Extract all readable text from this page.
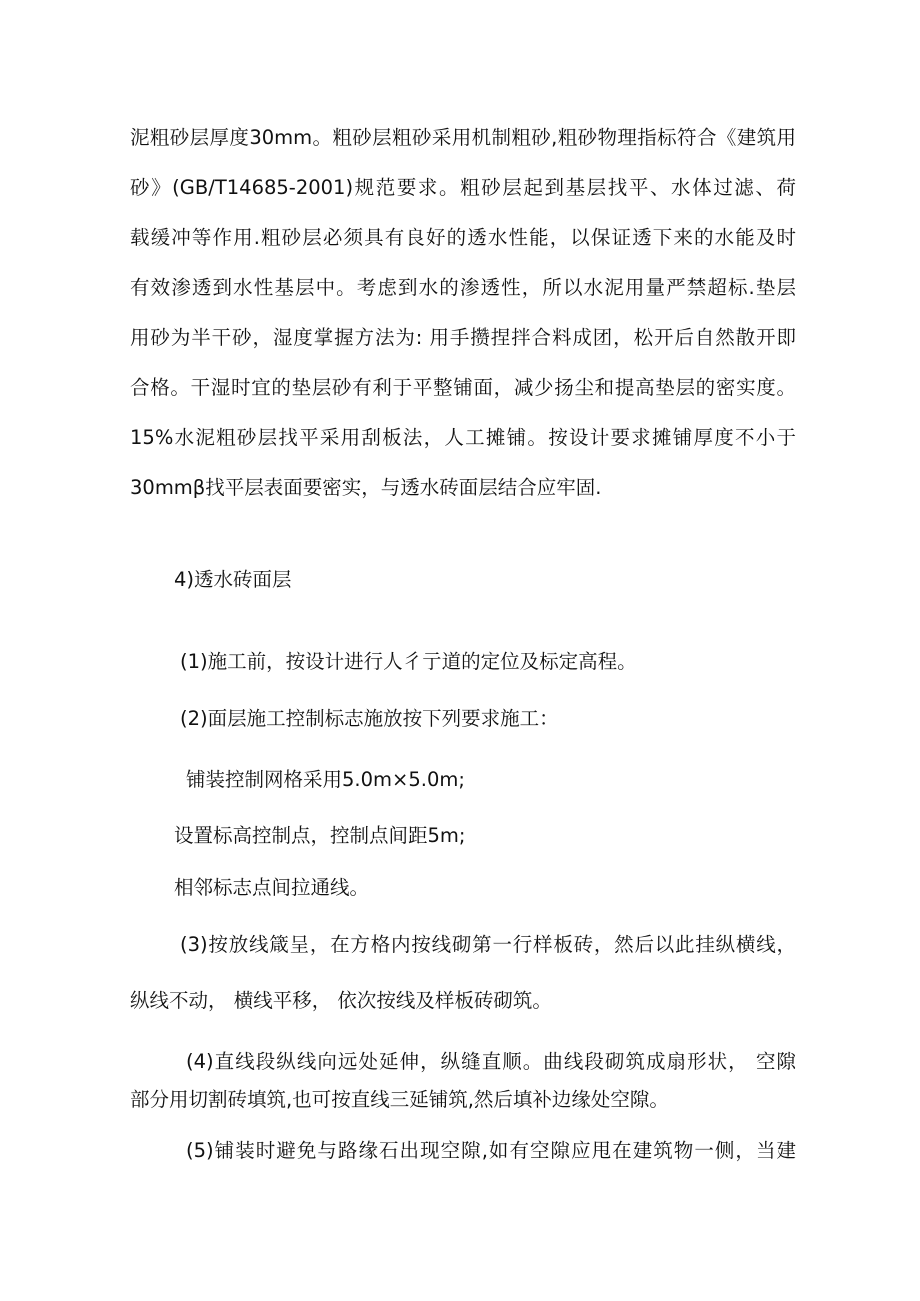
泥粗砂层厚度30mm。粗砂层粗砂采用机制粗砂,粗砂物理指标符合《建筑用
砂》(GB/T14685-2001)规范要求。粗砂层起到基层找平、水体过滤、荷
载缓冲等作用.粗砂层必须具有良好的透水性能，以保证透下来的水能及时
有效渗透到水性基层中。考虑到水的渗透性，所以水泥用量严禁超标.垫层
用砂为半干砂，湿度掌握方法为: 用手攒捏拌合料成团，松开后自然散开即
合格。干湿时宜的垫层砂有利于平整铺面，减少扬尘和提高垫层的密实度。
15%水泥粗砂层找平采用刮板法，人工摊铺。按设计要求摊铺厚度不小于
30mmβ找平层表面要密实，与透水砖面层结合应牢固.
4)透水砖面层
(1)施工前，按设计进行人彳亍道的定位及标定高程。
(2)面层施工控制标志施放按下列要求施工：
铺装控制网格采用5.0m×5.0m;
设置标高控制点，控制点间距5m;
相邻标志点间拉通线。
(3)按放线箴呈，在方格内按线砌第一行样板砖，然后以此挂纵横线，
纵线不动， 横线平移， 依次按线及样板砖砌筑。
(4)直线段纵线向远处延伸，纵缝直顺。曲线段砌筑成扇形状， 空隙
部分用切割砖填筑,也可按直线三延铺筑,然后填补边缘处空隙。
(5)铺装时避免与路缘石出现空隙,如有空隙应甩在建筑物一侧，当建
